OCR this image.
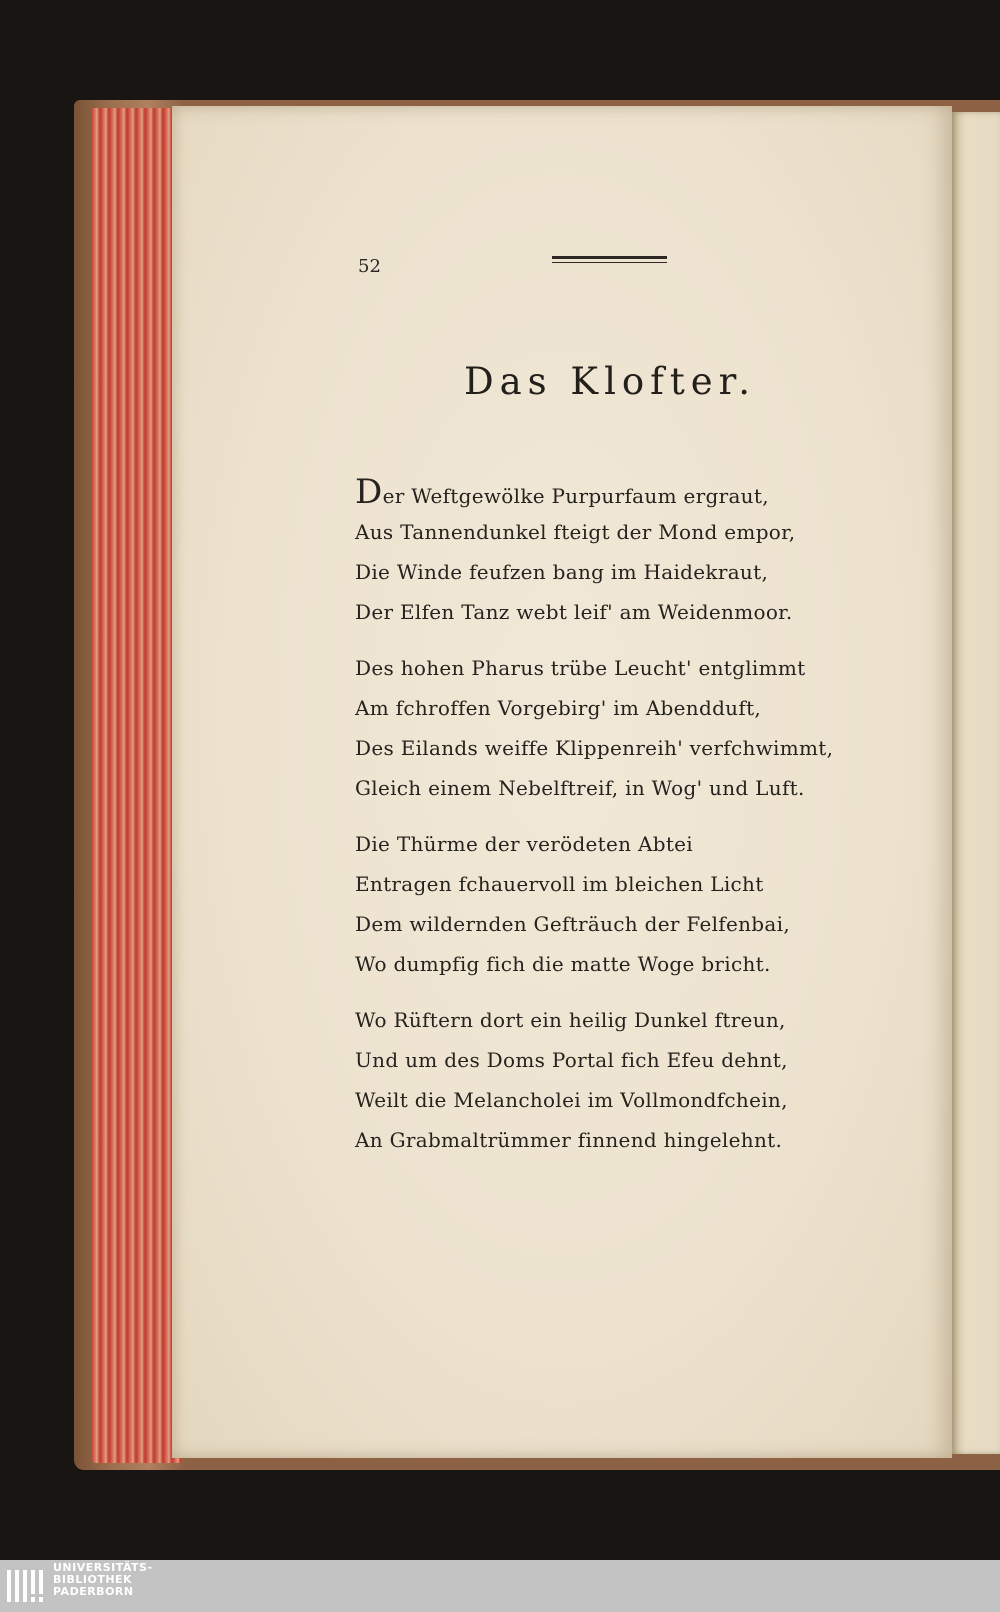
52
Das Klofter.
Der Weftgewölke Purpurfaum ergraut,
Aus Tannendunkel fteigt der Mond empor,
Die Winde feufzen bang im Haidekraut,
Der Elfen Tanz webt leif' am Weidenmoor.
Des hohen Pharus trübe Leucht' entglimmt
Am fchroffen Vorgebirg' im Abendduft,
Des Eilands weiffe Klippenreih' verfchwimmt,
Gleich einem Nebelftreif, in Wog' und Luft.
Die Thürme der verödeten Abtei
Entragen fchauervoll im bleichen Licht
Dem wildernden Gefträuch der Felfenbai,
Wo dumpfig fich die matte Woge bricht.
Wo Rüftern dort ein heilig Dunkel ftreun,
Und um des Doms Portal fich Efeu dehnt,
Weilt die Melancholei im Vollmondfchein,
An Grabmaltrümmer finnend hingelehnt.
UNIVERSITÄTS-
BIBLIOTHEK
PADERBORN
